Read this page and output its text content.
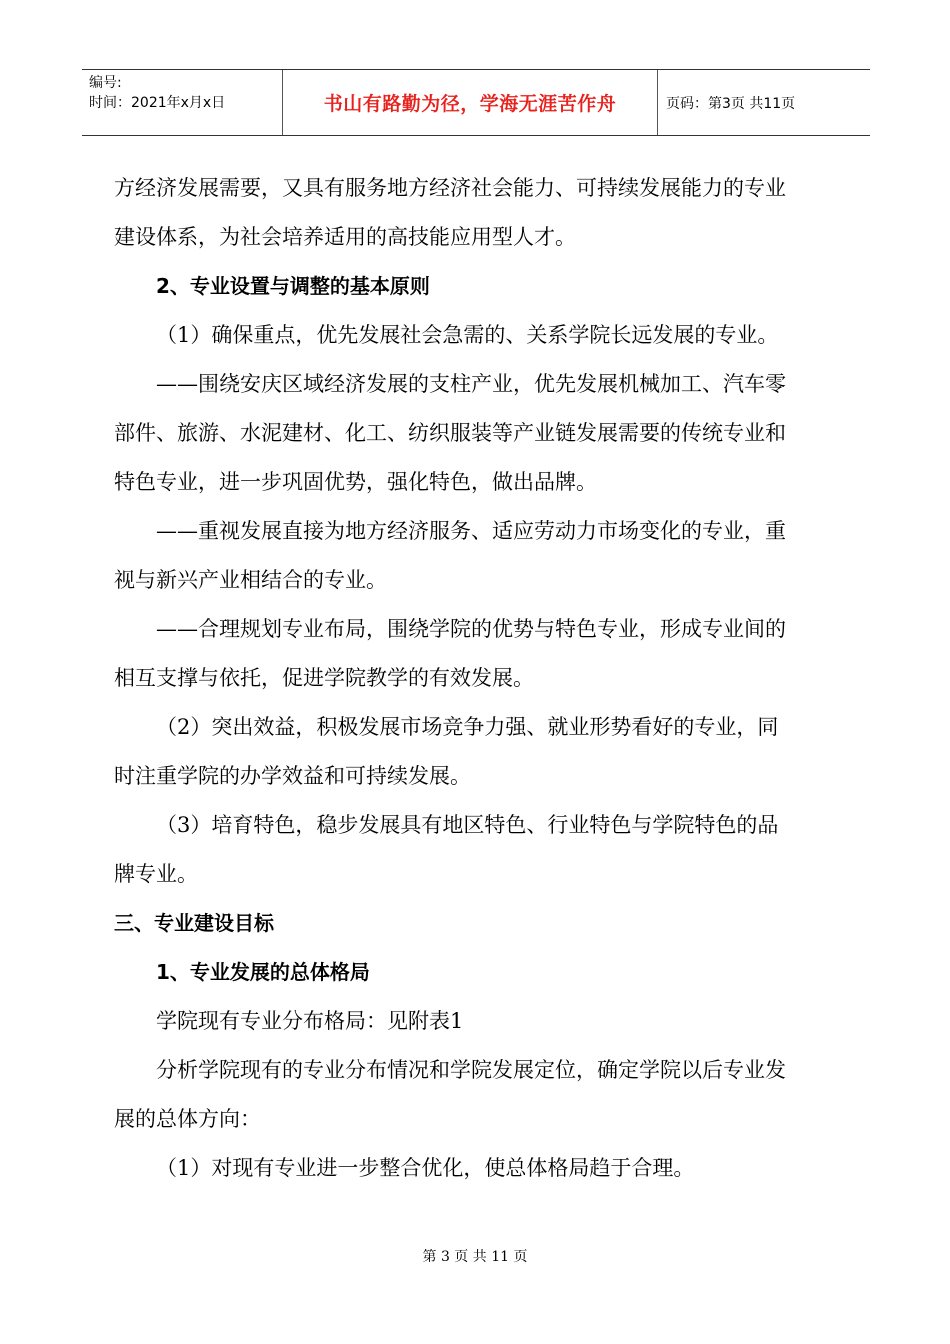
编号:
时间：2021年x月x日	书山有路勤为径，学海无涯苦作舟	页码：第3页 共11页

方经济发展需要，又具有服务地方经济社会能力、可持续发展能力的专业

建设体系，为社会培养适用的高技能应用型人才。

2、专业设置与调整的基本原则

（1）确保重点，优先发展社会急需的、关系学院长远发展的专业。

——围绕安庆区域经济发展的支柱产业，优先发展机械加工、汽车零

部件、旅游、水泥建材、化工、纺织服装等产业链发展需要的传统专业和

特色专业，进一步巩固优势，强化特色，做出品牌。

——重视发展直接为地方经济服务、适应劳动力市场变化的专业，重

视与新兴产业相结合的专业。

——合理规划专业布局，围绕学院的优势与特色专业，形成专业间的

相互支撑与依托，促进学院教学的有效发展。

（2）突出效益，积极发展市场竞争力强、就业形势看好的专业，同

时注重学院的办学效益和可持续发展。

（3）培育特色，稳步发展具有地区特色、行业特色与学院特色的品

牌专业。

三、专业建设目标

1、专业发展的总体格局

学院现有专业分布格局：见附表1

分析学院现有的专业分布情况和学院发展定位，确定学院以后专业发

展的总体方向：

（1）对现有专业进一步整合优化，使总体格局趋于合理。

第 3 页 共 11 页
